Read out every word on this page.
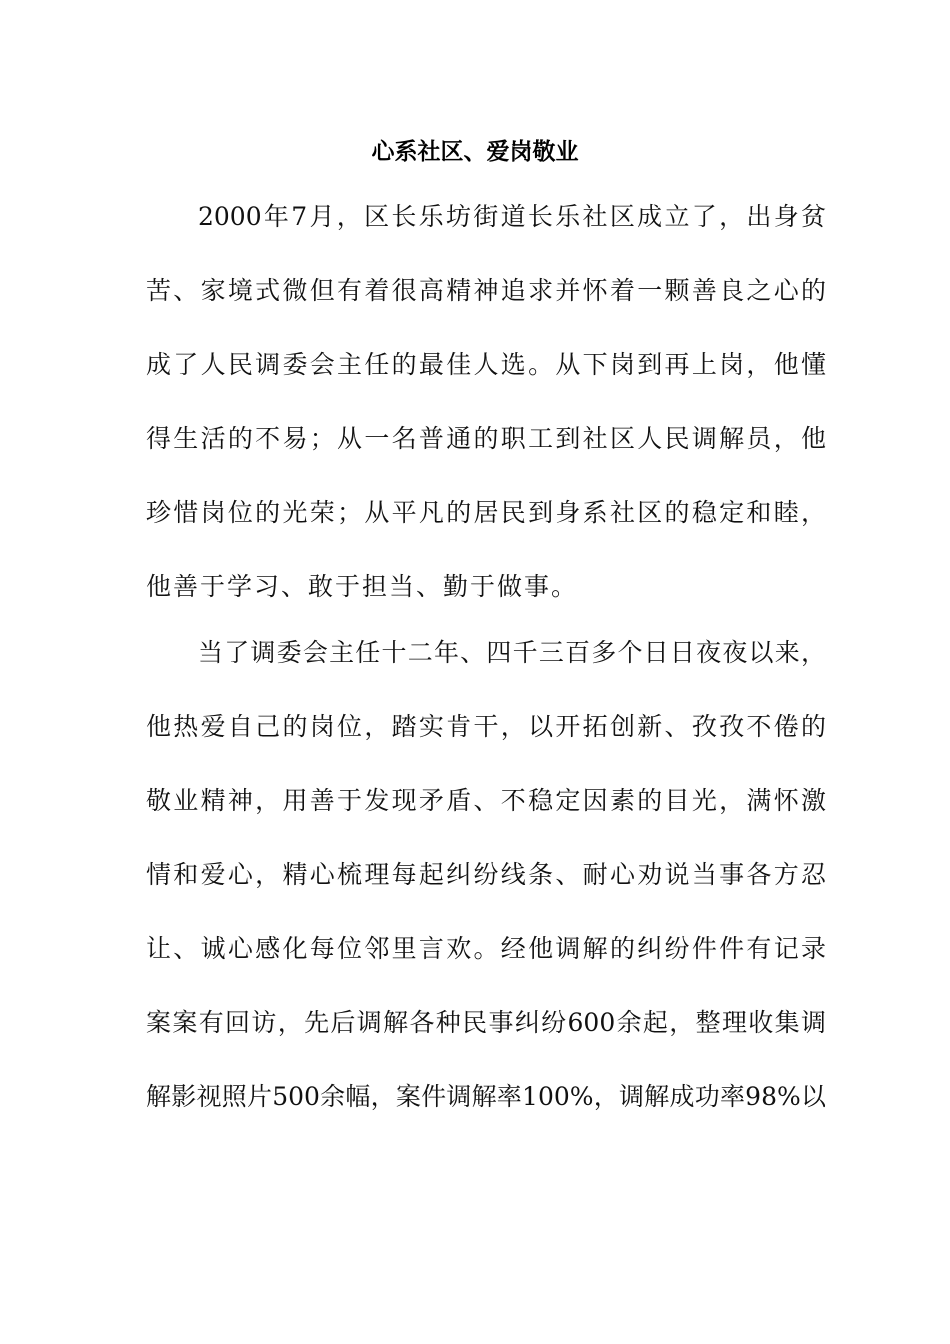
心系社区、爱岗敬业
2000年7月，区长乐坊街道长乐社区成立了，出身贫
苦、家境式微但有着很高精神追求并怀着一颗善良之心的
成了人民调委会主任的最佳人选。从下岗到再上岗，他懂
得生活的不易；从一名普通的职工到社区人民调解员，他
珍惜岗位的光荣；从平凡的居民到身系社区的稳定和睦，
他善于学习、敢于担当、勤于做事。
当了调委会主任十二年、四千三百多个日日夜夜以来，
他热爱自己的岗位，踏实肯干，以开拓创新、孜孜不倦的
敬业精神，用善于发现矛盾、不稳定因素的目光，满怀激
情和爱心，精心梳理每起纠纷线条、耐心劝说当事各方忍
让、诚心感化每位邻里言欢。经他调解的纠纷件件有记录
案案有回访，先后调解各种民事纠纷600余起，整理收集调
解影视照片500余幅，案件调解率100%，调解成功率98%以
